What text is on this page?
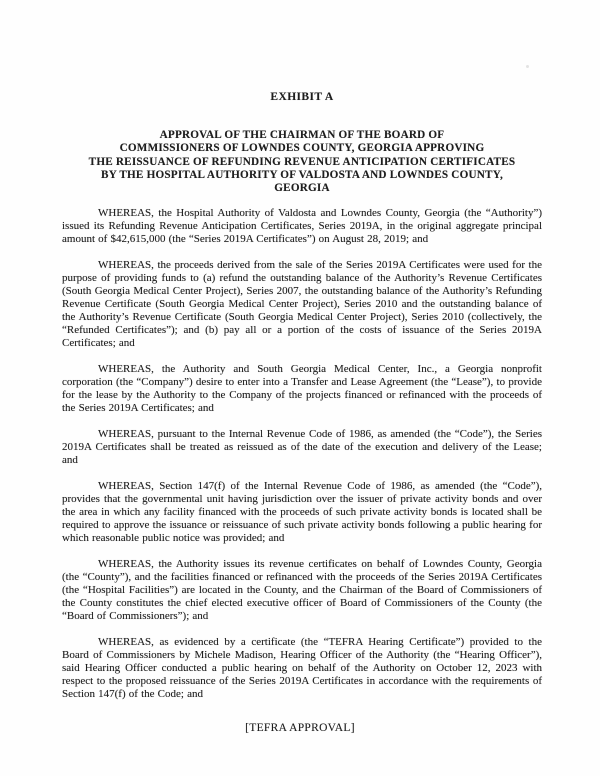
EXHIBIT A
APPROVAL OF THE CHAIRMAN OF THE BOARD OF
COMMISSIONERS OF LOWNDES COUNTY, GEORGIA APPROVING
THE REISSUANCE OF REFUNDING REVENUE ANTICIPATION CERTIFICATES
BY THE HOSPITAL AUTHORITY OF VALDOSTA AND LOWNDES COUNTY,
GEORGIA

WHEREAS, the Hospital Authority of Valdosta and Lowndes County, Georgia (the “Authority”) issued its Refunding Revenue Anticipation Certificates, Series 2019A, in the original aggregate principal amount of $42,615,000 (the “Series 2019A Certificates”) on August 28, 2019; and

WHEREAS, the proceeds derived from the sale of the Series 2019A Certificates were used for the purpose of providing funds to (a) refund the outstanding balance of the Authority’s Revenue Certificates (South Georgia Medical Center Project), Series 2007, the outstanding balance of the Authority’s Refunding Revenue Certificate (South Georgia Medical Center Project), Series 2010 and the outstanding balance of the Authority’s Revenue Certificate (South Georgia Medical Center Project), Series 2010 (collectively, the “Refunded Certificates”); and (b) pay all or a portion of the costs of issuance of the Series 2019A Certificates; and

WHEREAS, the Authority and South Georgia Medical Center, Inc., a Georgia nonprofit corporation (the “Company”) desire to enter into a Transfer and Lease Agreement (the “Lease”), to provide for the lease by the Authority to the Company of the projects financed or refinanced with the proceeds of the Series 2019A Certificates; and

WHEREAS, pursuant to the Internal Revenue Code of 1986, as amended (the “Code”), the Series 2019A Certificates shall be treated as reissued as of the date of the execution and delivery of the Lease; and

WHEREAS, Section 147(f) of the Internal Revenue Code of 1986, as amended (the “Code”), provides that the governmental unit having jurisdiction over the issuer of private activity bonds and over the area in which any facility financed with the proceeds of such private activity bonds is located shall be required to approve the issuance or reissuance of such private activity bonds following a public hearing for which reasonable public notice was provided; and

WHEREAS, the Authority issues its revenue certificates on behalf of Lowndes County, Georgia (the “County”), and the facilities financed or refinanced with the proceeds of the Series 2019A Certificates (the “Hospital Facilities”) are located in the County, and the Chairman of the Board of Commissioners of the County constitutes the chief elected executive officer of Board of Commissioners of the County (the “Board of Commissioners”); and

WHEREAS, as evidenced by a certificate (the “TEFRA Hearing Certificate”) provided to the Board of Commissioners by Michele Madison, Hearing Officer of the Authority (the “Hearing Officer”), said Hearing Officer conducted a public hearing on behalf of the Authority on October 12, 2023 with respect to the proposed reissuance of the Series 2019A Certificates in accordance with the requirements of Section 147(f) of the Code; and

[TEFRA APPROVAL]
